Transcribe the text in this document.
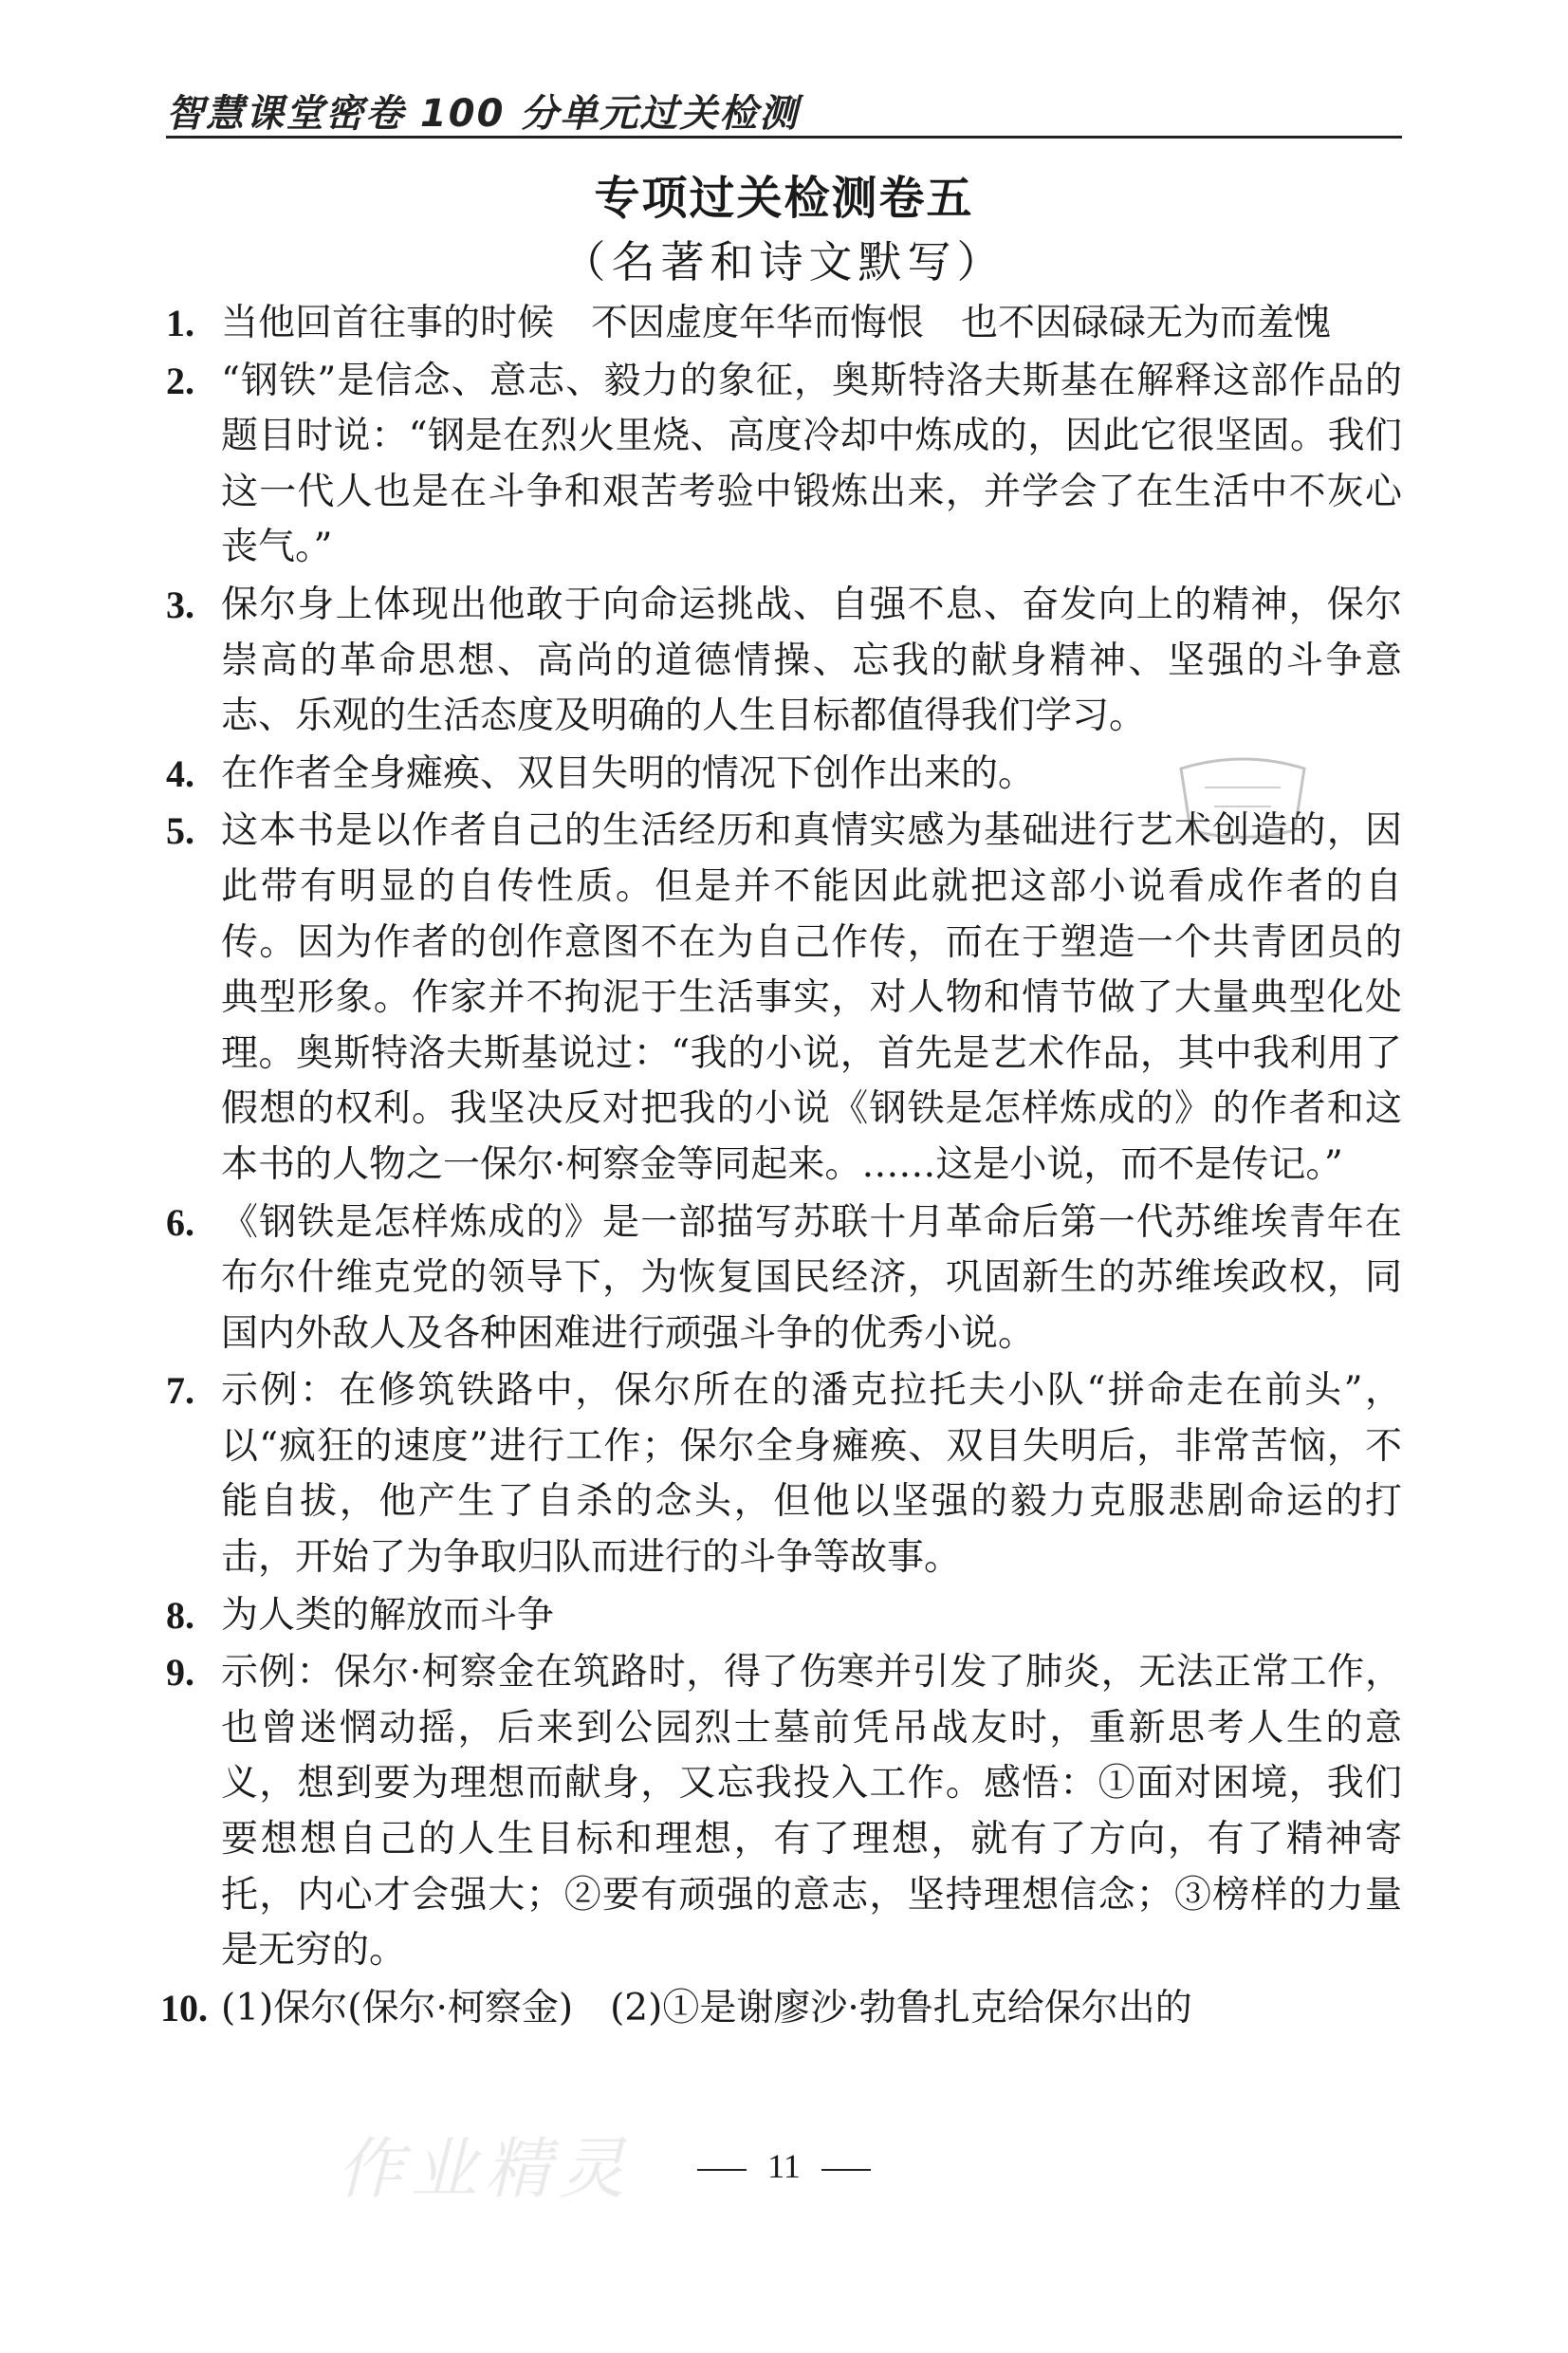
智慧课堂密卷 100 分单元过关检测
专项过关检测卷五
（名著和诗文默写）
1. 当他回首往事的时候　不因虚度年华而悔恨　也不因碌碌无为而羞愧
2. “钢铁”是信念、意志、毅力的象征，奥斯特洛夫斯基在解释这部作品的题目时说：“钢是在烈火里烧、高度冷却中炼成的，因此它很坚固。我们这一代人也是在斗争和艰苦考验中锻炼出来，并学会了在生活中不灰心丧气。”
3. 保尔身上体现出他敢于向命运挑战、自强不息、奋发向上的精神，保尔崇高的革命思想、高尚的道德情操、忘我的献身精神、坚强的斗争意志、乐观的生活态度及明确的人生目标都值得我们学习。
4. 在作者全身瘫痪、双目失明的情况下创作出来的。
5. 这本书是以作者自己的生活经历和真情实感为基础进行艺术创造的，因此带有明显的自传性质。但是并不能因此就把这部小说看成作者的自传。因为作者的创作意图不在为自己作传，而在于塑造一个共青团员的典型形象。作家并不拘泥于生活事实，对人物和情节做了大量典型化处理。奥斯特洛夫斯基说过：“我的小说，首先是艺术作品，其中我利用了假想的权利。我坚决反对把我的小说《钢铁是怎样炼成的》的作者和这本书的人物之一保尔·柯察金等同起来。……这是小说，而不是传记。”
6. 《钢铁是怎样炼成的》是一部描写苏联十月革命后第一代苏维埃青年在布尔什维克党的领导下，为恢复国民经济，巩固新生的苏维埃政权，同国内外敌人及各种困难进行顽强斗争的优秀小说。
7. 示例：在修筑铁路中，保尔所在的潘克拉托夫小队“拼命走在前头”，以“疯狂的速度”进行工作；保尔全身瘫痪、双目失明后，非常苦恼，不能自拔，他产生了自杀的念头，但他以坚强的毅力克服悲剧命运的打击，开始了为争取归队而进行的斗争等故事。
8. 为人类的解放而斗争
9. 示例：保尔·柯察金在筑路时，得了伤寒并引发了肺炎，无法正常工作，也曾迷惘动摇，后来到公园烈士墓前凭吊战友时，重新思考人生的意义，想到要为理想而献身，又忘我投入工作。感悟：①面对困境，我们要想想自己的人生目标和理想，有了理想，就有了方向，有了精神寄托，内心才会强大；②要有顽强的意志，坚持理想信念；③榜样的力量是无穷的。
10. (1)保尔(保尔·柯察金)　(2)①是谢廖沙·勃鲁扎克给保尔出的
作业精灵	11
